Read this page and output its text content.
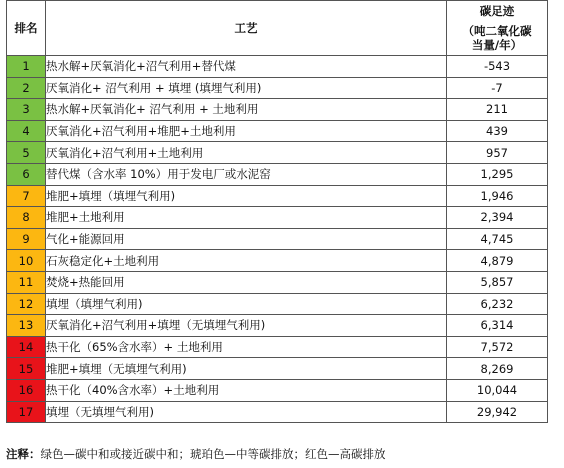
排名	工艺	碳足迹
（吨二氧化碳
当量/年）

1	热水解+厌氧消化+沼气利用+替代煤	-543
2	厌氧消化+ 沼气利用 + 填埋 (填埋气利用)	-7
3	热水解+厌氧消化+ 沼气利用 + 土地利用	211
4	厌氧消化+沼气利用+堆肥+土地利用	439
5	厌氧消化+沼气利用+土地利用	957
6	替代煤（含水率 10%）用于发电厂或水泥窑	1,295
7	堆肥+填埋（填埋气利用)	1,946
8	堆肥+土地利用	2,394
9	气化+能源回用	4,745
10	石灰稳定化+土地利用	4,879
11	焚烧+热能回用	5,857
12	填埋（填埋气利用)	6,232
13	厌氧消化+沼气利用+填埋（无填埋气利用)	6,314
14	热干化（65%含水率）+ 土地利用	7,572
15	堆肥+填埋（无填埋气利用)	8,269
16	热干化（40%含水率）+土地利用	10,044
17	填埋（无填埋气利用)	29,942
注释：绿色—碳中和或接近碳中和；琥珀色—中等碳排放；红色—高碳排放
